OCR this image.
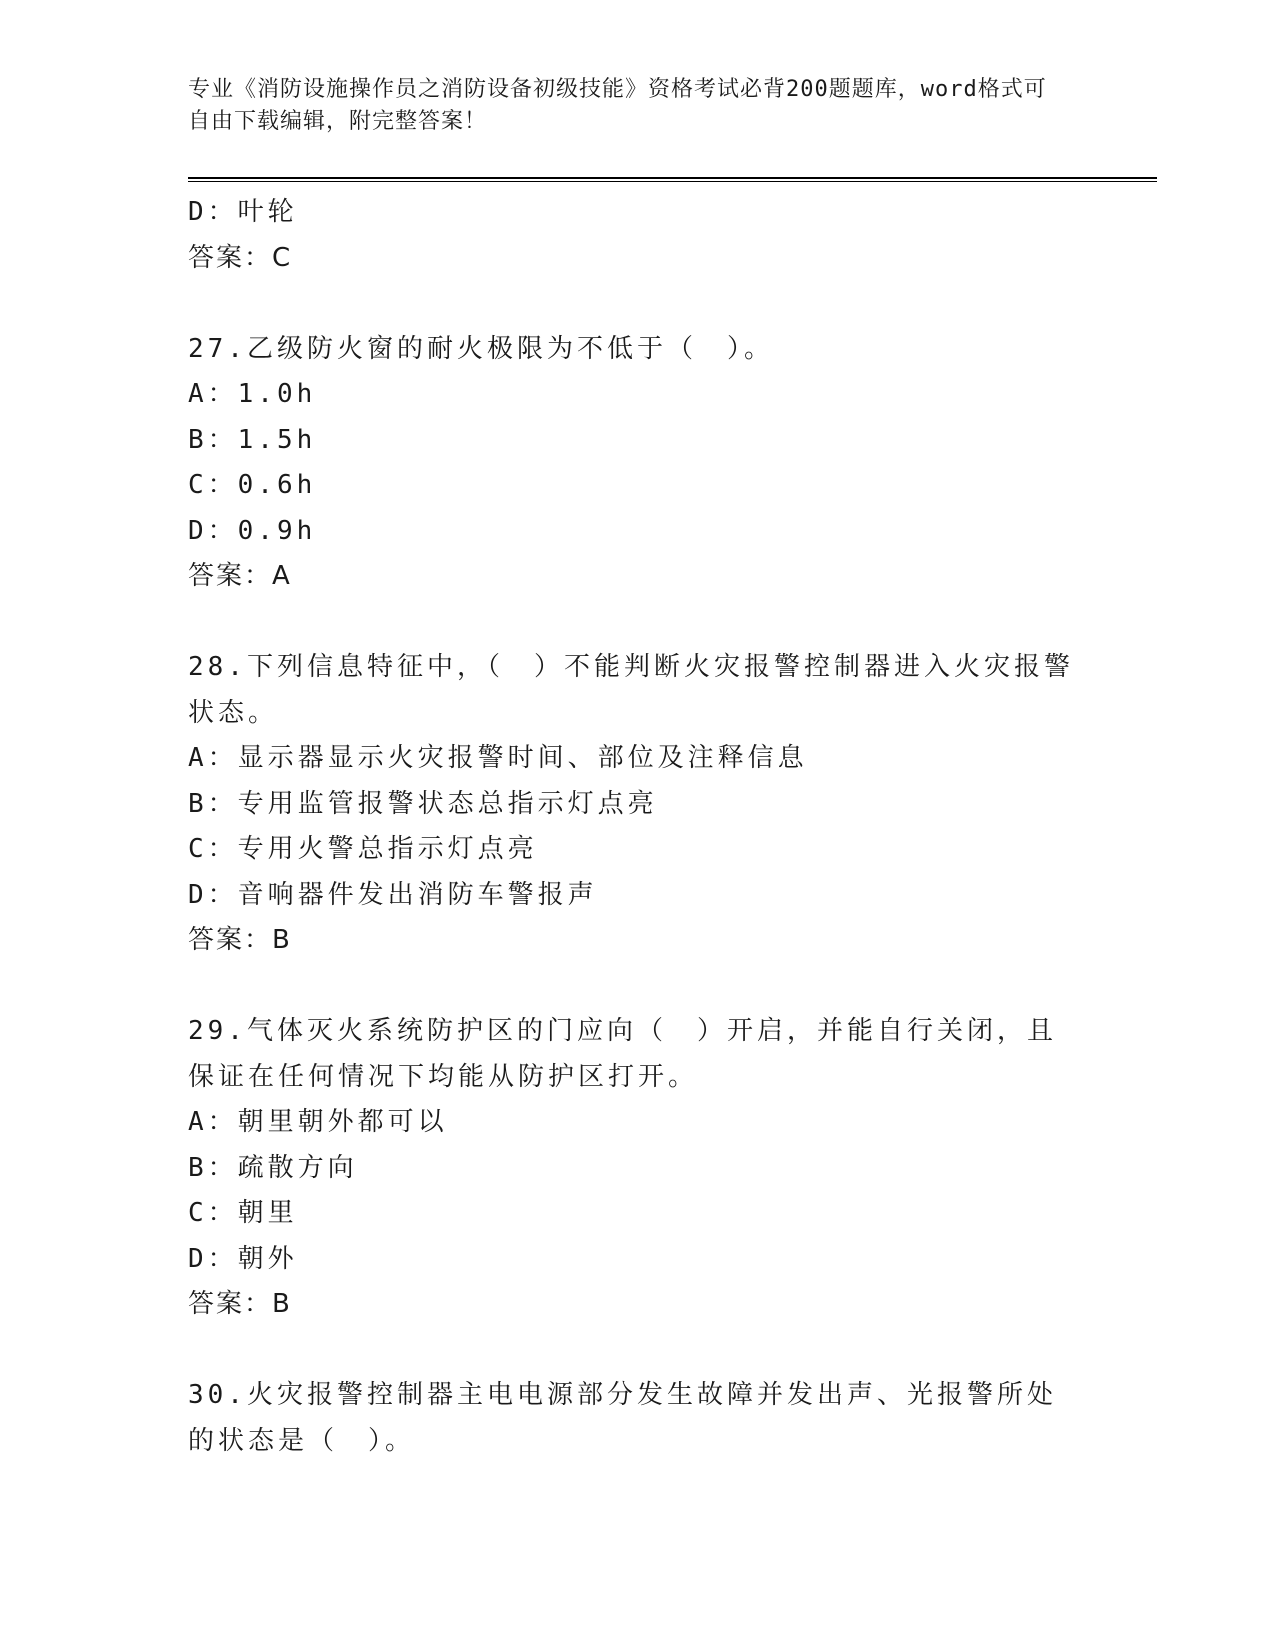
专业《消防设施操作员之消防设备初级技能》资格考试必背200题题库，word格式可自由下载编辑，附完整答案！
D：叶轮
答案：C
27.乙级防火窗的耐火极限为不低于（　）。
A：1.0h
B：1.5h
C：0.6h
D：0.9h
答案：A
28.下列信息特征中，（　）不能判断火灾报警控制器进入火灾报警状态。
A：显示器显示火灾报警时间、部位及注释信息
B：专用监管报警状态总指示灯点亮
C：专用火警总指示灯点亮
D：音响器件发出消防车警报声
答案：B
29.气体灭火系统防护区的门应向（　）开启，并能自行关闭，且保证在任何情况下均能从防护区打开。
A：朝里朝外都可以
B：疏散方向
C：朝里
D：朝外
答案：B
30.火灾报警控制器主电电源部分发生故障并发出声、光报警所处的状态是（　）。
